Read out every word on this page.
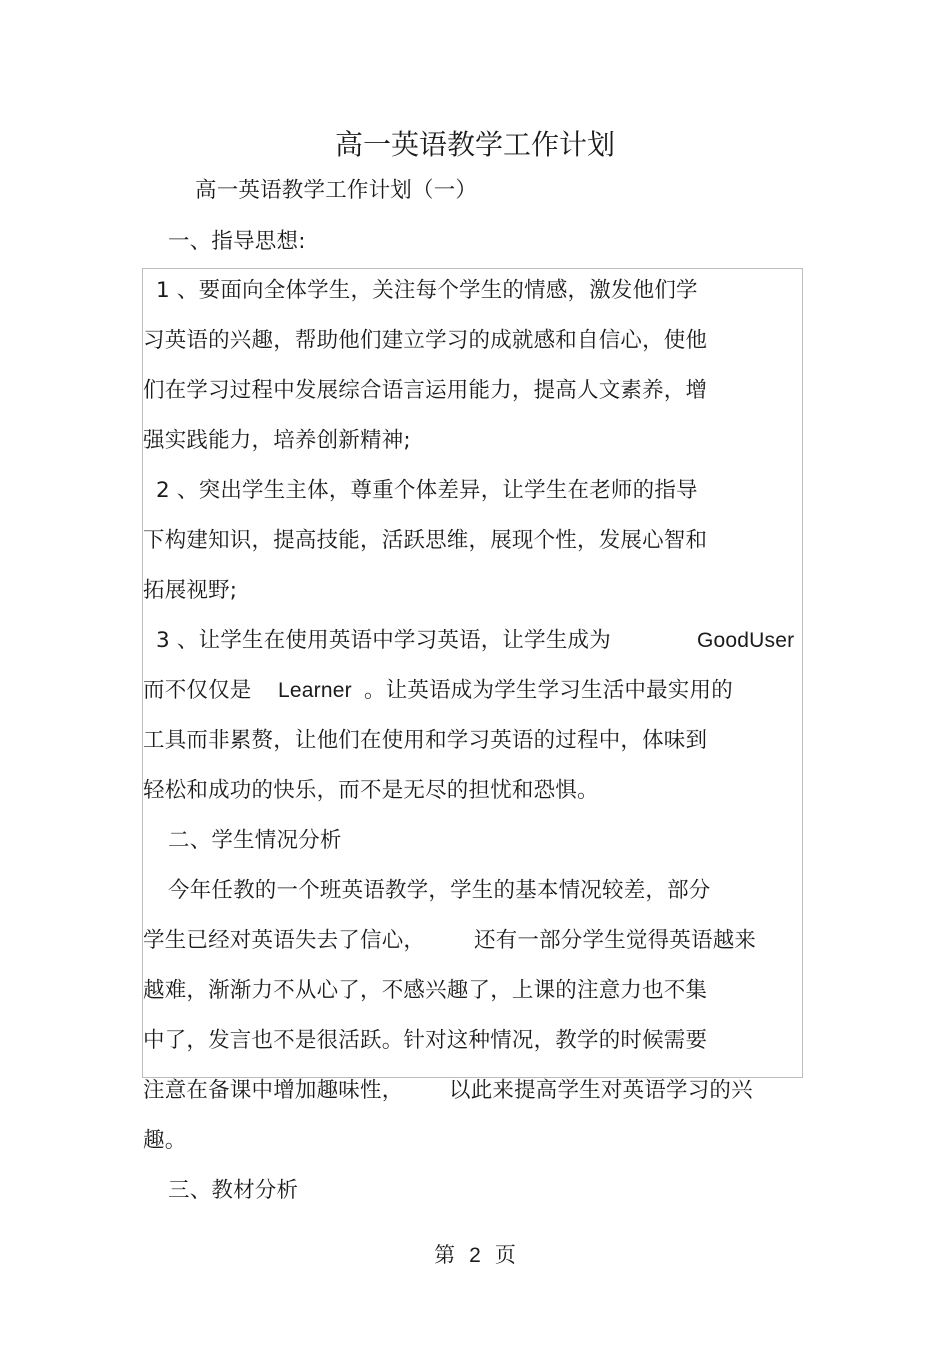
高一英语教学工作计划
高一英语教学工作计划（一）
一、指导思想:
1 、要面向全体学生，关注每个学生的情感，激发他们学
习英语的兴趣，帮助他们建立学习的成就感和自信心，使他
们在学习过程中发展综合语言运用能力，提高人文素养，增
强实践能力，培养创新精神;
2 、突出学生主体，尊重个体差异，让学生在老师的指导
下构建知识，提高技能，活跃思维，展现个性，发展心智和
拓展视野;
3 、让学生在使用英语中学习英语，让学生成为	GoodUser
而不仅仅是 Learner 。让英语成为学生学习生活中最实用的
工具而非累赘，让他们在使用和学习英语的过程中，体味到
轻松和成功的快乐，而不是无尽的担忧和恐惧。
二、学生情况分析
今年任教的一个班英语教学，学生的基本情况较差，部分
学生已经对英语失去了信心， 还有一部分学生觉得英语越来
越难，渐渐力不从心了，不感兴趣了，上课的注意力也不集
中了，发言也不是很活跃。针对这种情况，教学的时候需要
注意在备课中增加趣味性， 以此来提高学生对英语学习的兴
趣。
三、教材分析
第 2 页
